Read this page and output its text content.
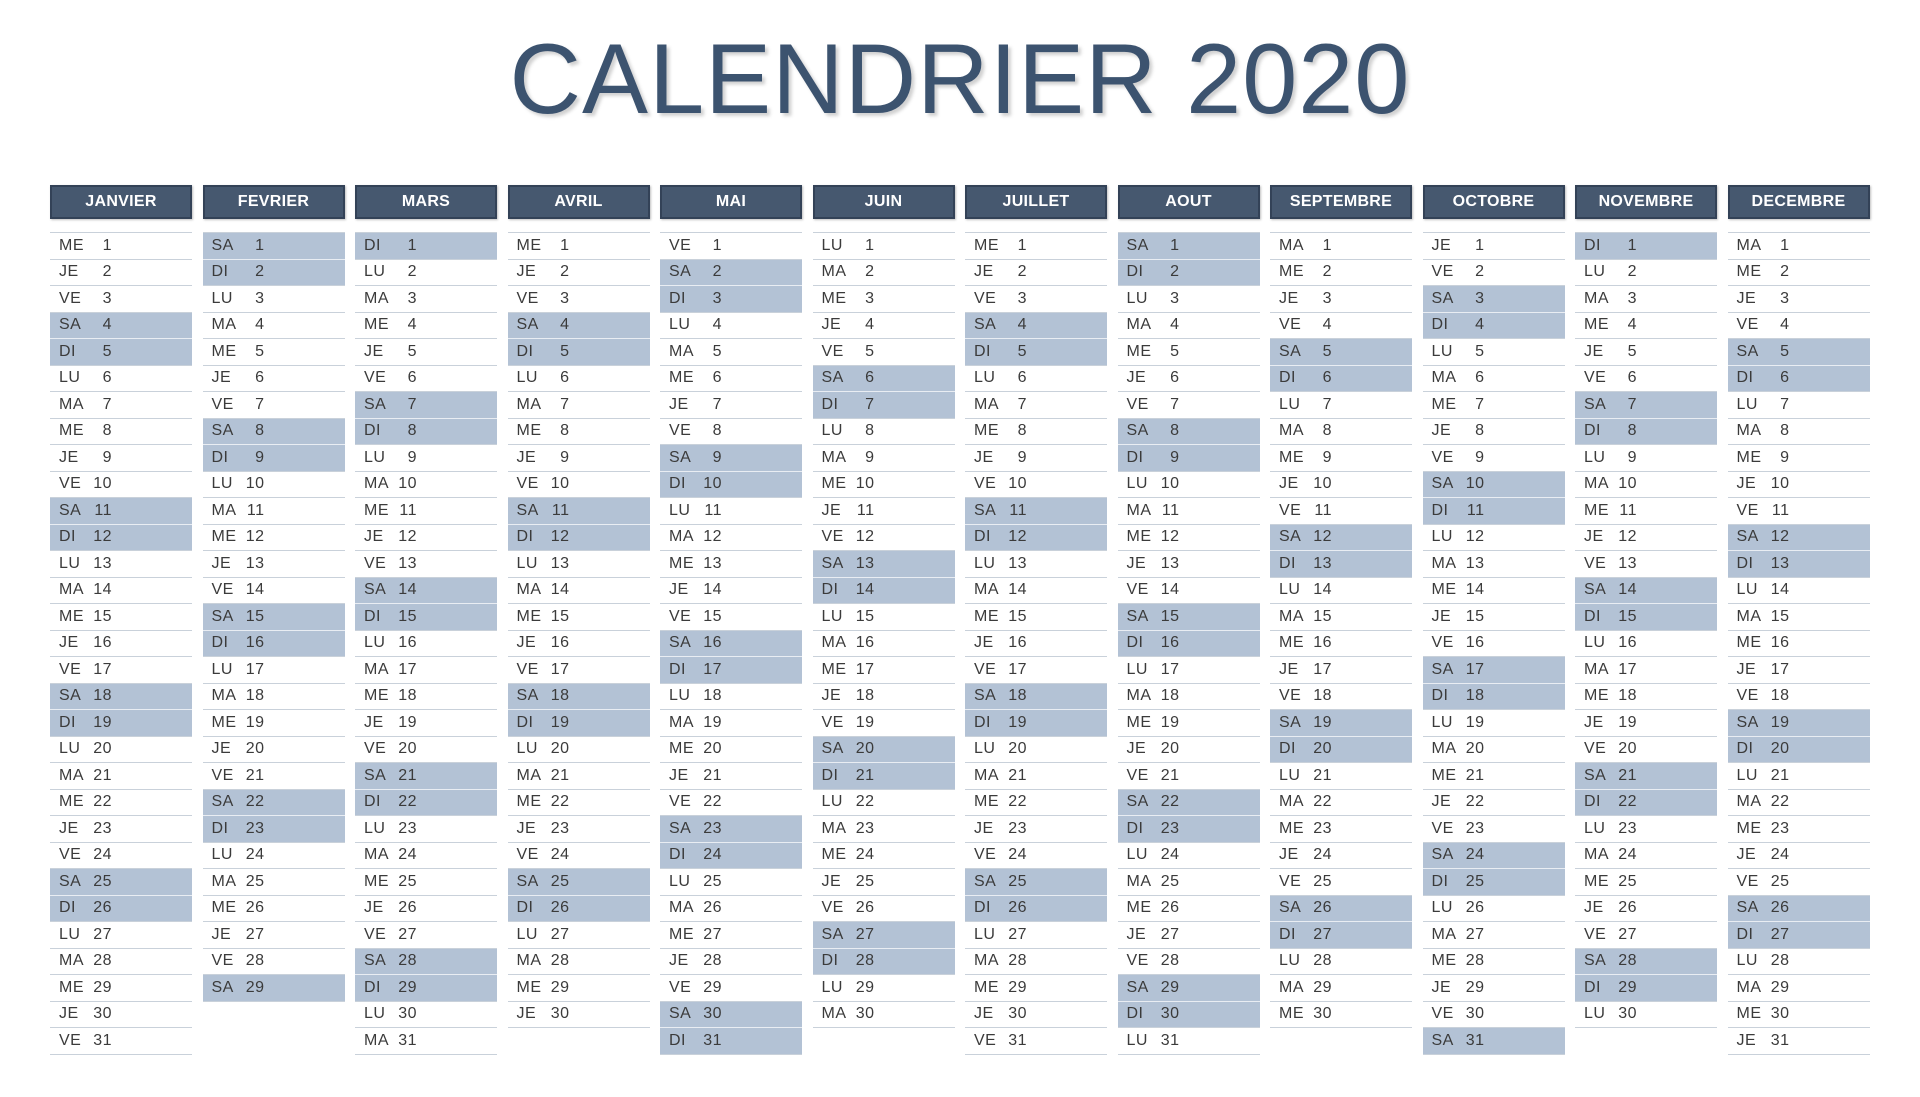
CALENDRIER 2020
JANVIER
ME	1
JE	2
VE	3
SA	4
DI	5
LU	6
MA	7
ME	8
JE	9
VE 10
SA 11
DI	12
LU 13
MA 14
ME 15
JE 16
VE 17
SA 18
DI	19
LU 20
MA 21
ME 22
JE 23
VE 24
SA 25
DI	26
LU 27
MA 28
ME 29
JE 30
VE 31
FEVRIER
SA	1
DI	2
LU	3
MA	4
ME	5
JE	6
VE	7
SA	8
DI	9
LU 10
MA 11
ME 12
JE 13
VE 14
SA 15
DI	16
LU 17
MA 18
ME 19
JE 20
VE 21
SA 22
DI	23
LU 24
MA 25
ME 26
JE 27
VE 28
SA 29
MARS
DI	1
LU	2
MA	3
ME	4
JE	5
VE	6
SA	7
DI	8
LU	9
MA 10
ME 11
JE 12
VE 13
SA 14
DI	15
LU 16
MA 17
ME 18
JE 19
VE 20
SA 21
DI	22
LU 23
MA 24
ME 25
JE 26
VE 27
SA 28
DI	29
LU 30
MA 31
AVRIL
ME	1
JE	2
VE	3
SA	4
DI	5
LU	6
MA	7
ME	8
JE	9
VE 10
SA 11
DI	12
LU 13
MA 14
ME 15
JE 16
VE 17
SA 18
DI	19
LU 20
MA 21
ME 22
JE 23
VE 24
SA 25
DI	26
LU 27
MA 28
ME 29
JE 30
MAI
VE	1
SA	2
DI	3
LU	4
MA	5
ME	6
JE	7
VE	8
SA	9
DI	10
LU 11
MA 12
ME 13
JE 14
VE 15
SA 16
DI	17
LU 18
MA 19
ME 20
JE 21
VE 22
SA 23
DI	24
LU 25
MA 26
ME 27
JE 28
VE 29
SA 30
DI	31
JUIN
LU	1
MA	2
ME	3
JE	4
VE	5
SA	6
DI	7
LU	8
MA	9
ME 10
JE 11
VE 12
SA 13
DI	14
LU 15
MA 16
ME 17
JE 18
VE 19
SA 20
DI	21
LU 22
MA 23
ME 24
JE 25
VE 26
SA 27
DI	28
LU 29
MA 30
JUILLET
ME	1
JE	2
VE	3
SA	4
DI	5
LU	6
MA	7
ME	8
JE	9
VE 10
SA 11
DI	12
LU 13
MA 14
ME 15
JE 16
VE 17
SA 18
DI	19
LU 20
MA 21
ME 22
JE 23
VE 24
SA 25
DI	26
LU 27
MA 28
ME 29
JE 30
VE 31
AOUT
SA	1
DI	2
LU	3
MA	4
ME	5
JE	6
VE	7
SA	8
DI	9
LU 10
MA 11
ME 12
JE 13
VE 14
SA 15
DI	16
LU 17
MA 18
ME 19
JE 20
VE 21
SA 22
DI	23
LU 24
MA 25
ME 26
JE 27
VE 28
SA 29
DI	30
LU 31
SEPTEMBRE
MA	1
ME	2
JE	3
VE	4
SA	5
DI	6
LU	7
MA	8
ME	9
JE 10
VE 11
SA 12
DI	13
LU 14
MA 15
ME 16
JE 17
VE 18
SA 19
DI	20
LU 21
MA 22
ME 23
JE 24
VE 25
SA 26
DI	27
LU 28
MA 29
ME 30
OCTOBRE
JE	1
VE	2
SA	3
DI	4
LU	5
MA	6
ME	7
JE	8
VE	9
SA 10
DI	11
LU 12
MA 13
ME 14
JE 15
VE 16
SA 17
DI	18
LU 19
MA 20
ME 21
JE 22
VE 23
SA 24
DI	25
LU 26
MA 27
ME 28
JE 29
VE 30
SA 31
NOVEMBRE
DI	1
LU	2
MA	3
ME	4
JE	5
VE	6
SA	7
DI	8
LU	9
MA 10
ME 11
JE 12
VE 13
SA 14
DI	15
LU 16
MA 17
ME 18
JE 19
VE 20
SA 21
DI	22
LU 23
MA 24
ME 25
JE 26
VE 27
SA 28
DI	29
LU 30
DECEMBRE
MA	1
ME	2
JE	3
VE	4
SA	5
DI	6
LU	7
MA	8
ME	9
JE 10
VE 11
SA 12
DI	13
LU 14
MA 15
ME 16
JE 17
VE 18
SA 19
DI	20
LU 21
MA 22
ME 23
JE 24
VE 25
SA 26
DI	27
LU 28
MA 29
ME 30
JE 31
